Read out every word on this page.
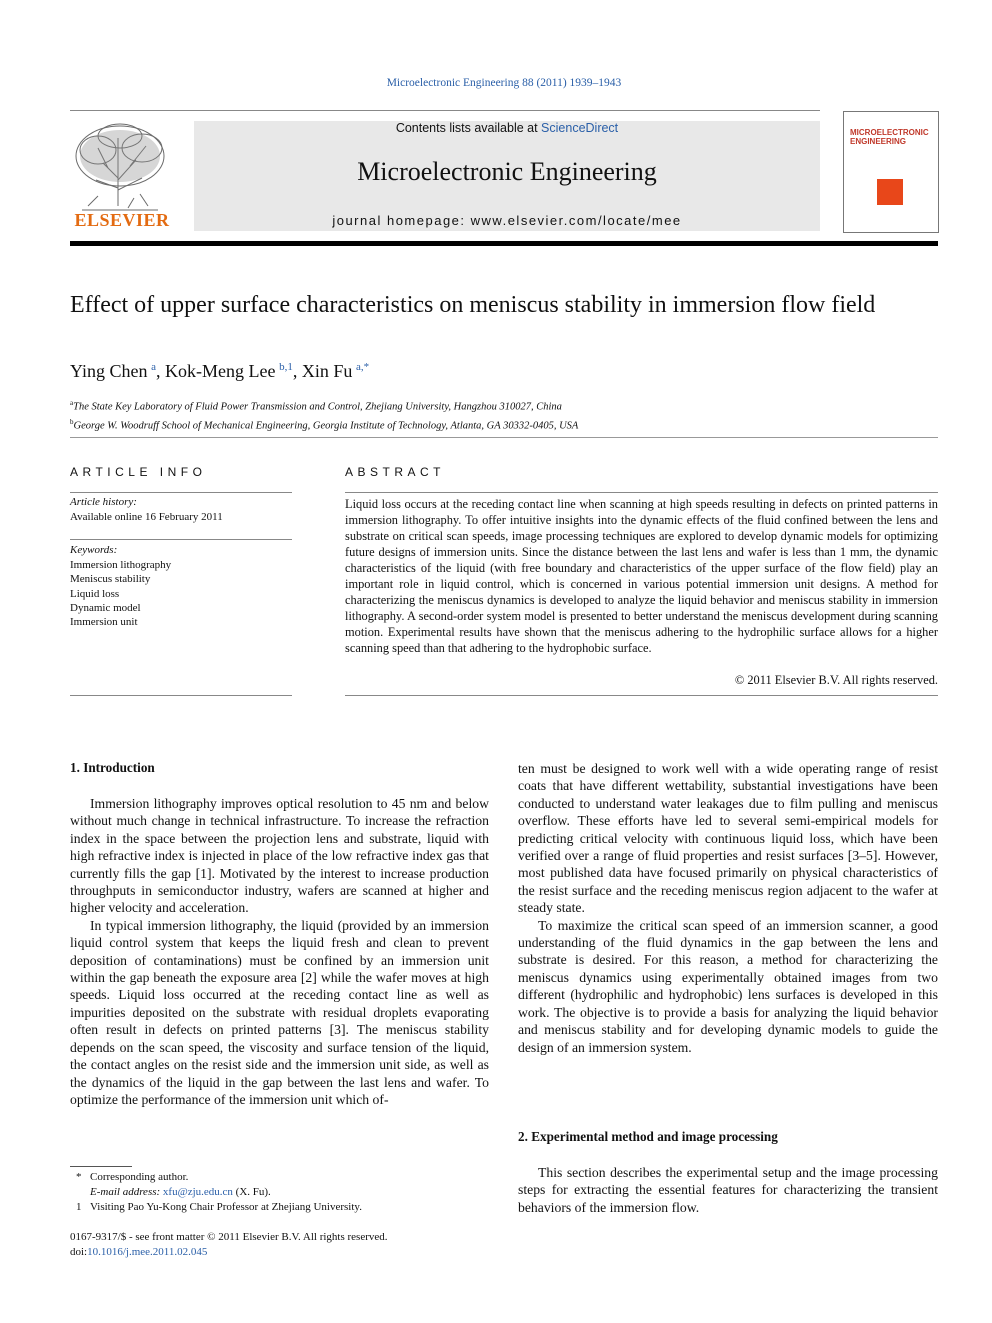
Microelectronic Engineering 88 (2011) 1939–1943
ELSEVIER
Contents lists available at ScienceDirect
Microelectronic Engineering
journal homepage: www.elsevier.com/locate/mee
MICROELECTRONIC ENGINEERING
Effect of upper surface characteristics on meniscus stability in immersion flow field
Ying Chen  $^a$, Kok-Meng Lee  $^{b,1}$, Xin Fu  $^{a,*}$
$^a$The State Key Laboratory of Fluid Power Transmission and Control, Zhejiang University, Hangzhou 310027, China
$^b$George W. Woodruff School of Mechanical Engineering, Georgia Institute of Technology, Atlanta, GA 30332-0405, USA
ARTICLE INFO
Article history:
Available online 16 February 2011
Keywords:
Immersion lithography
Meniscus stability
Liquid loss
Dynamic model
Immersion unit
ABSTRACT
Liquid loss occurs at the receding contact line when scanning at high speeds resulting in defects on printed patterns in immersion lithography. To offer intuitive insights into the dynamic effects of the fluid confined between the lens and substrate on critical scan speeds, image processing techniques are explored to develop dynamic models for optimizing future designs of immersion units. Since the distance between the last lens and wafer is less than 1 mm, the dynamic characteristics of the liquid (with free boundary and characteristics of the upper surface of the flow field) play an important role in liquid control, which is concerned in various potential immersion unit designs. A method for characterizing the meniscus dynamics is developed to analyze the liquid behavior and meniscus stability in immersion lithography. A second-order system model is presented to better understand the meniscus development during scanning motion. Experimental results have shown that the meniscus adhering to the hydrophilic surface allows for a higher scanning speed than that adhering to the hydrophobic surface.
© 2011 Elsevier B.V. All rights reserved.
1. Introduction

Immersion lithography improves optical resolution to 45 nm and below without much change in technical infrastructure. To increase the refraction index in the space between the projection lens and substrate, liquid with high refractive index is injected in place of the low refractive index gas that currently fills the gap [1]. Motivated by the interest to increase production throughputs in semiconductor industry, wafers are scanned at higher and higher velocity and acceleration.

In typical immersion lithography, the liquid (provided by an immersion liquid control system that keeps the liquid fresh and clean to prevent deposition of contaminations) must be confined by an immersion unit within the gap beneath the exposure area [2] while the wafer moves at high speeds. Liquid loss occurred at the receding contact line as well as impurities deposited on the substrate with residual droplets evaporating often result in defects on printed patterns [3]. The meniscus stability depends on the scan speed, the viscosity and surface tension of the liquid, the contact angles on the resist side and the immersion unit side, as well as the dynamics of the liquid in the gap between the last lens and wafer. To optimize the performance of the immersion unit which of-

ten must be designed to work well with a wide operating range of resist coats that have different wettability, substantial investigations have been conducted to understand water leakages due to film pulling and meniscus overflow. These efforts have led to several semi-empirical models for predicting critical velocity with continuous liquid loss, which have been verified over a range of fluid properties and resist surfaces [3–5]. However, most published data have focused primarily on physical characteristics of the resist surface and the receding meniscus region adjacent to the wafer at steady state.

To maximize the critical scan speed of an immersion scanner, a good understanding of the fluid dynamics in the gap between the lens and substrate is desired. For this reason, a method for characterizing the meniscus dynamics using experimentally obtained images from two different (hydrophilic and hydrophobic) lens surfaces is developed in this work. The objective is to provide a basis for analyzing the liquid behavior and meniscus stability and for developing dynamic models to guide the design of an immersion system.

2. Experimental method and image processing

This section describes the experimental setup and the image processing steps for extracting the essential features for characterizing the transient behaviors of the immersion flow.

* Corresponding author.
E-mail address: xfu@zju.edu.cn (X. Fu).
1 Visiting Pao Yu-Kong Chair Professor at Zhejiang University.
0167-9317/$ - see front matter © 2011 Elsevier B.V. All rights reserved.
doi:10.1016/j.mee.2011.02.045
